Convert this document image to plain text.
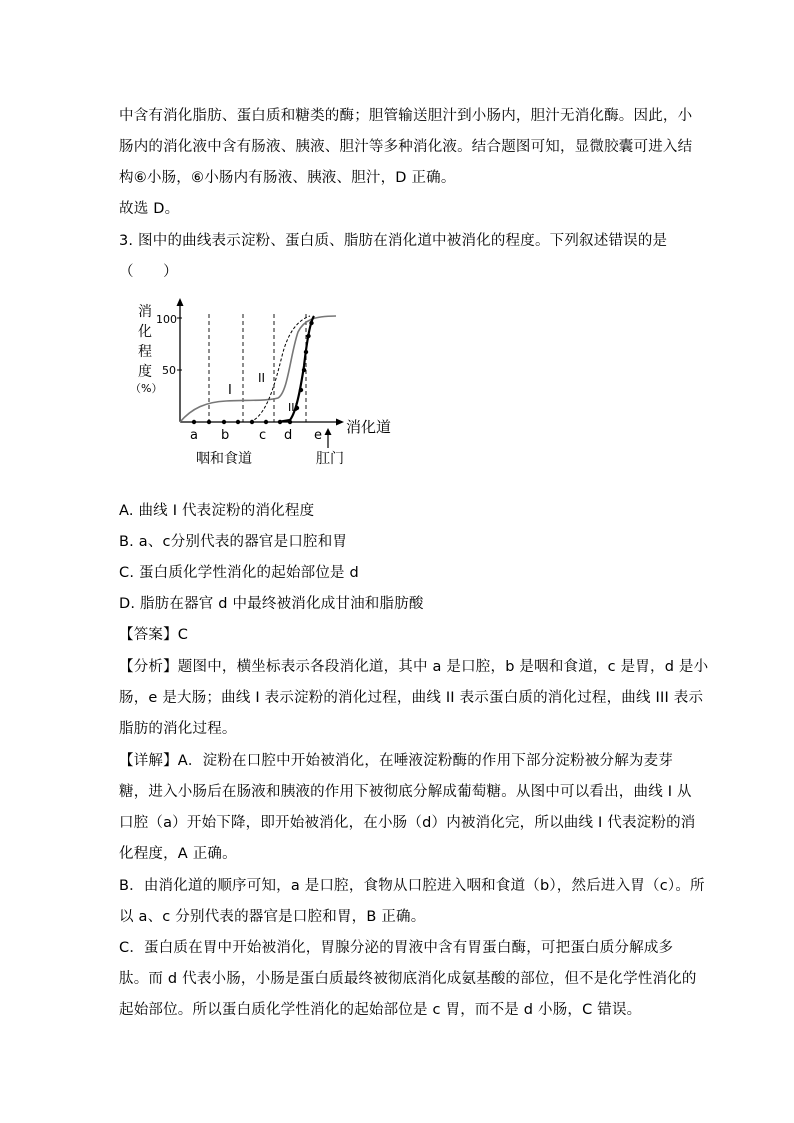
中含有消化脂肪、蛋白质和糖类的酶；胆管输送胆汁到小肠内，胆汁无消化酶。因此，小
肠内的消化液中含有肠液、胰液、胆汁等多种消化液。结合题图可知，显微胶囊可进入结
构⑥小肠，⑥小肠内有肠液、胰液、胆汁，D 正确。
故选 D。
3. 图中的曲线表示淀粉、蛋白质、脂肪在消化道中被消化的程度。下列叙述错误的是
（　　）
消
化
程
度
（%）
100
50
I
II
III
a b c d e 消化道
咽和食道	肛门
A. 曲线 I 代表淀粉的消化程度
B. a、c分别代表的器官是口腔和胃
C. 蛋白质化学性消化的起始部位是 d
D. 脂肪在器官 d 中最终被消化成甘油和脂肪酸
【答案】C
【分析】题图中，横坐标表示各段消化道，其中 a 是口腔，b 是咽和食道，c 是胃，d 是小
肠，e 是大肠；曲线 I 表示淀粉的消化过程，曲线 II 表示蛋白质的消化过程，曲线 III 表示
脂肪的消化过程。
【详解】A．淀粉在口腔中开始被消化，在唾液淀粉酶的作用下部分淀粉被分解为麦芽
糖，进入小肠后在肠液和胰液的作用下被彻底分解成葡萄糖。从图中可以看出，曲线 I 从
口腔（a）开始下降，即开始被消化，在小肠（d）内被消化完，所以曲线 I 代表淀粉的消
化程度，A 正确。
B．由消化道的顺序可知，a 是口腔，食物从口腔进入咽和食道（b），然后进入胃（c）。所
以 a、c 分别代表的器官是口腔和胃，B 正确。
C．蛋白质在胃中开始被消化，胃腺分泌的胃液中含有胃蛋白酶，可把蛋白质分解成多
肽。而 d 代表小肠，小肠是蛋白质最终被彻底消化成氨基酸的部位，但不是化学性消化的
起始部位。所以蛋白质化学性消化的起始部位是 c 胃，而不是 d 小肠，C 错误。
